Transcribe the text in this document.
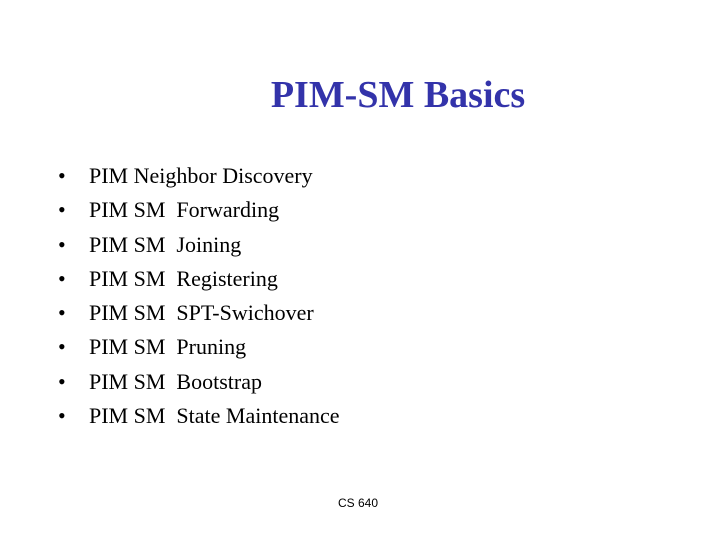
PIM-SM Basics
•	PIM Neighbor Discovery
•	PIM SM  Forwarding
•	PIM SM  Joining
•	PIM SM  Registering
•	PIM SM  SPT-Swichover
•	PIM SM  Pruning
•	PIM SM  Bootstrap
•	PIM SM  State Maintenance
CS 640
